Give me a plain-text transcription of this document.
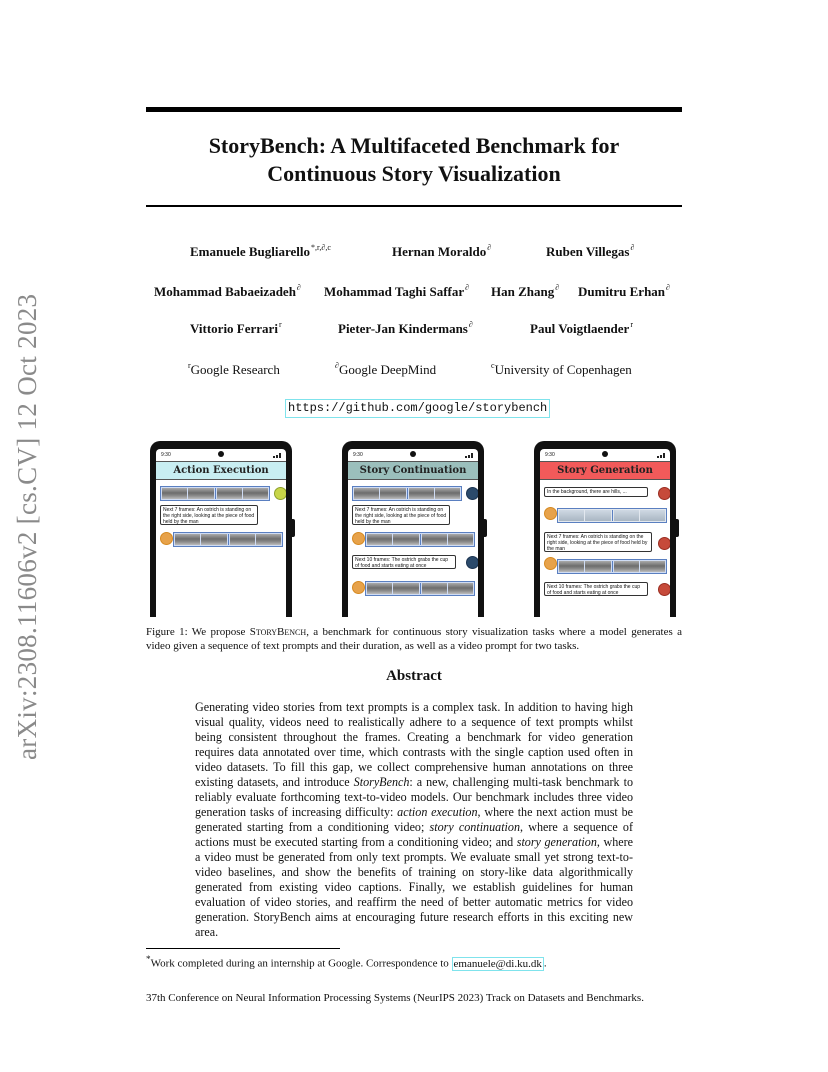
arXiv:2308.11606v2 [cs.CV] 12 Oct 2023
StoryBench: A Multifaceted Benchmark for
Continuous Story Visualization
Emanuele Bugliarello$^{*,r,\partial,c}$	Hernan Moraldo∂	Ruben Villegas∂
Mohammad Babaeizadeh∂ Mohammad Taghi Saffar∂ Han Zhang∂ Dumitru Erhan∂
Vittorio Ferrari$^r$	Pieter-Jan Kindermans∂	Paul Voigtlaender$^r$
$^r$Google Research	∂Google DeepMind	$^c$University of Copenhagen
https://github.com/google/storybench
9:30
Action Execution
Next 7 frames: An ostrich is standing on the right side, looking at the piece of food held by the man
9:30
Story Continuation
Next 7 frames: An ostrich is standing on the right side, looking at the piece of food held by the man
Next 10 frames: The ostrich grabs the cup of food and starts eating at once
9:30
Story Generation
In the background, there are hills, ...
Next 7 frames: An ostrich is standing on the right side, looking at the piece of food held by the man
Next 10 frames: The ostrich grabs the cup of food and starts eating at once
Figure 1: We propose StoryBench, a benchmark for continuous story visualization tasks where a model generates a video given a sequence of text prompts and their duration, as well as a video prompt for two tasks.
Abstract
Generating video stories from text prompts is a complex task. In addition to having high visual quality, videos need to realistically adhere to a sequence of text prompts whilst being consistent throughout the frames. Creating a benchmark for video generation requires data annotated over time, which contrasts with the single caption used often in video datasets. To fill this gap, we collect comprehensive human annotations on three existing datasets, and introduce StoryBench: a new, challenging multi-task benchmark to reliably evaluate forthcoming text-to-video models. Our benchmark includes three video generation tasks of increasing difficulty: action execution, where the next action must be generated starting from a conditioning video; story continuation, where a sequence of actions must be executed starting from a conditioning video; and story generation, where a video must be generated from only text prompts. We evaluate small yet strong text-to-video baselines, and show the benefits of training on story-like data algorithmically generated from existing video captions. Finally, we establish guidelines for human evaluation of video stories, and reaffirm the need of better automatic metrics for video generation. StoryBench aims at encouraging future research efforts in this exciting new area.
*Work completed during an internship at Google. Correspondence to emanuele@di.ku.dk .
37th Conference on Neural Information Processing Systems (NeurIPS 2023) Track on Datasets and Benchmarks.
